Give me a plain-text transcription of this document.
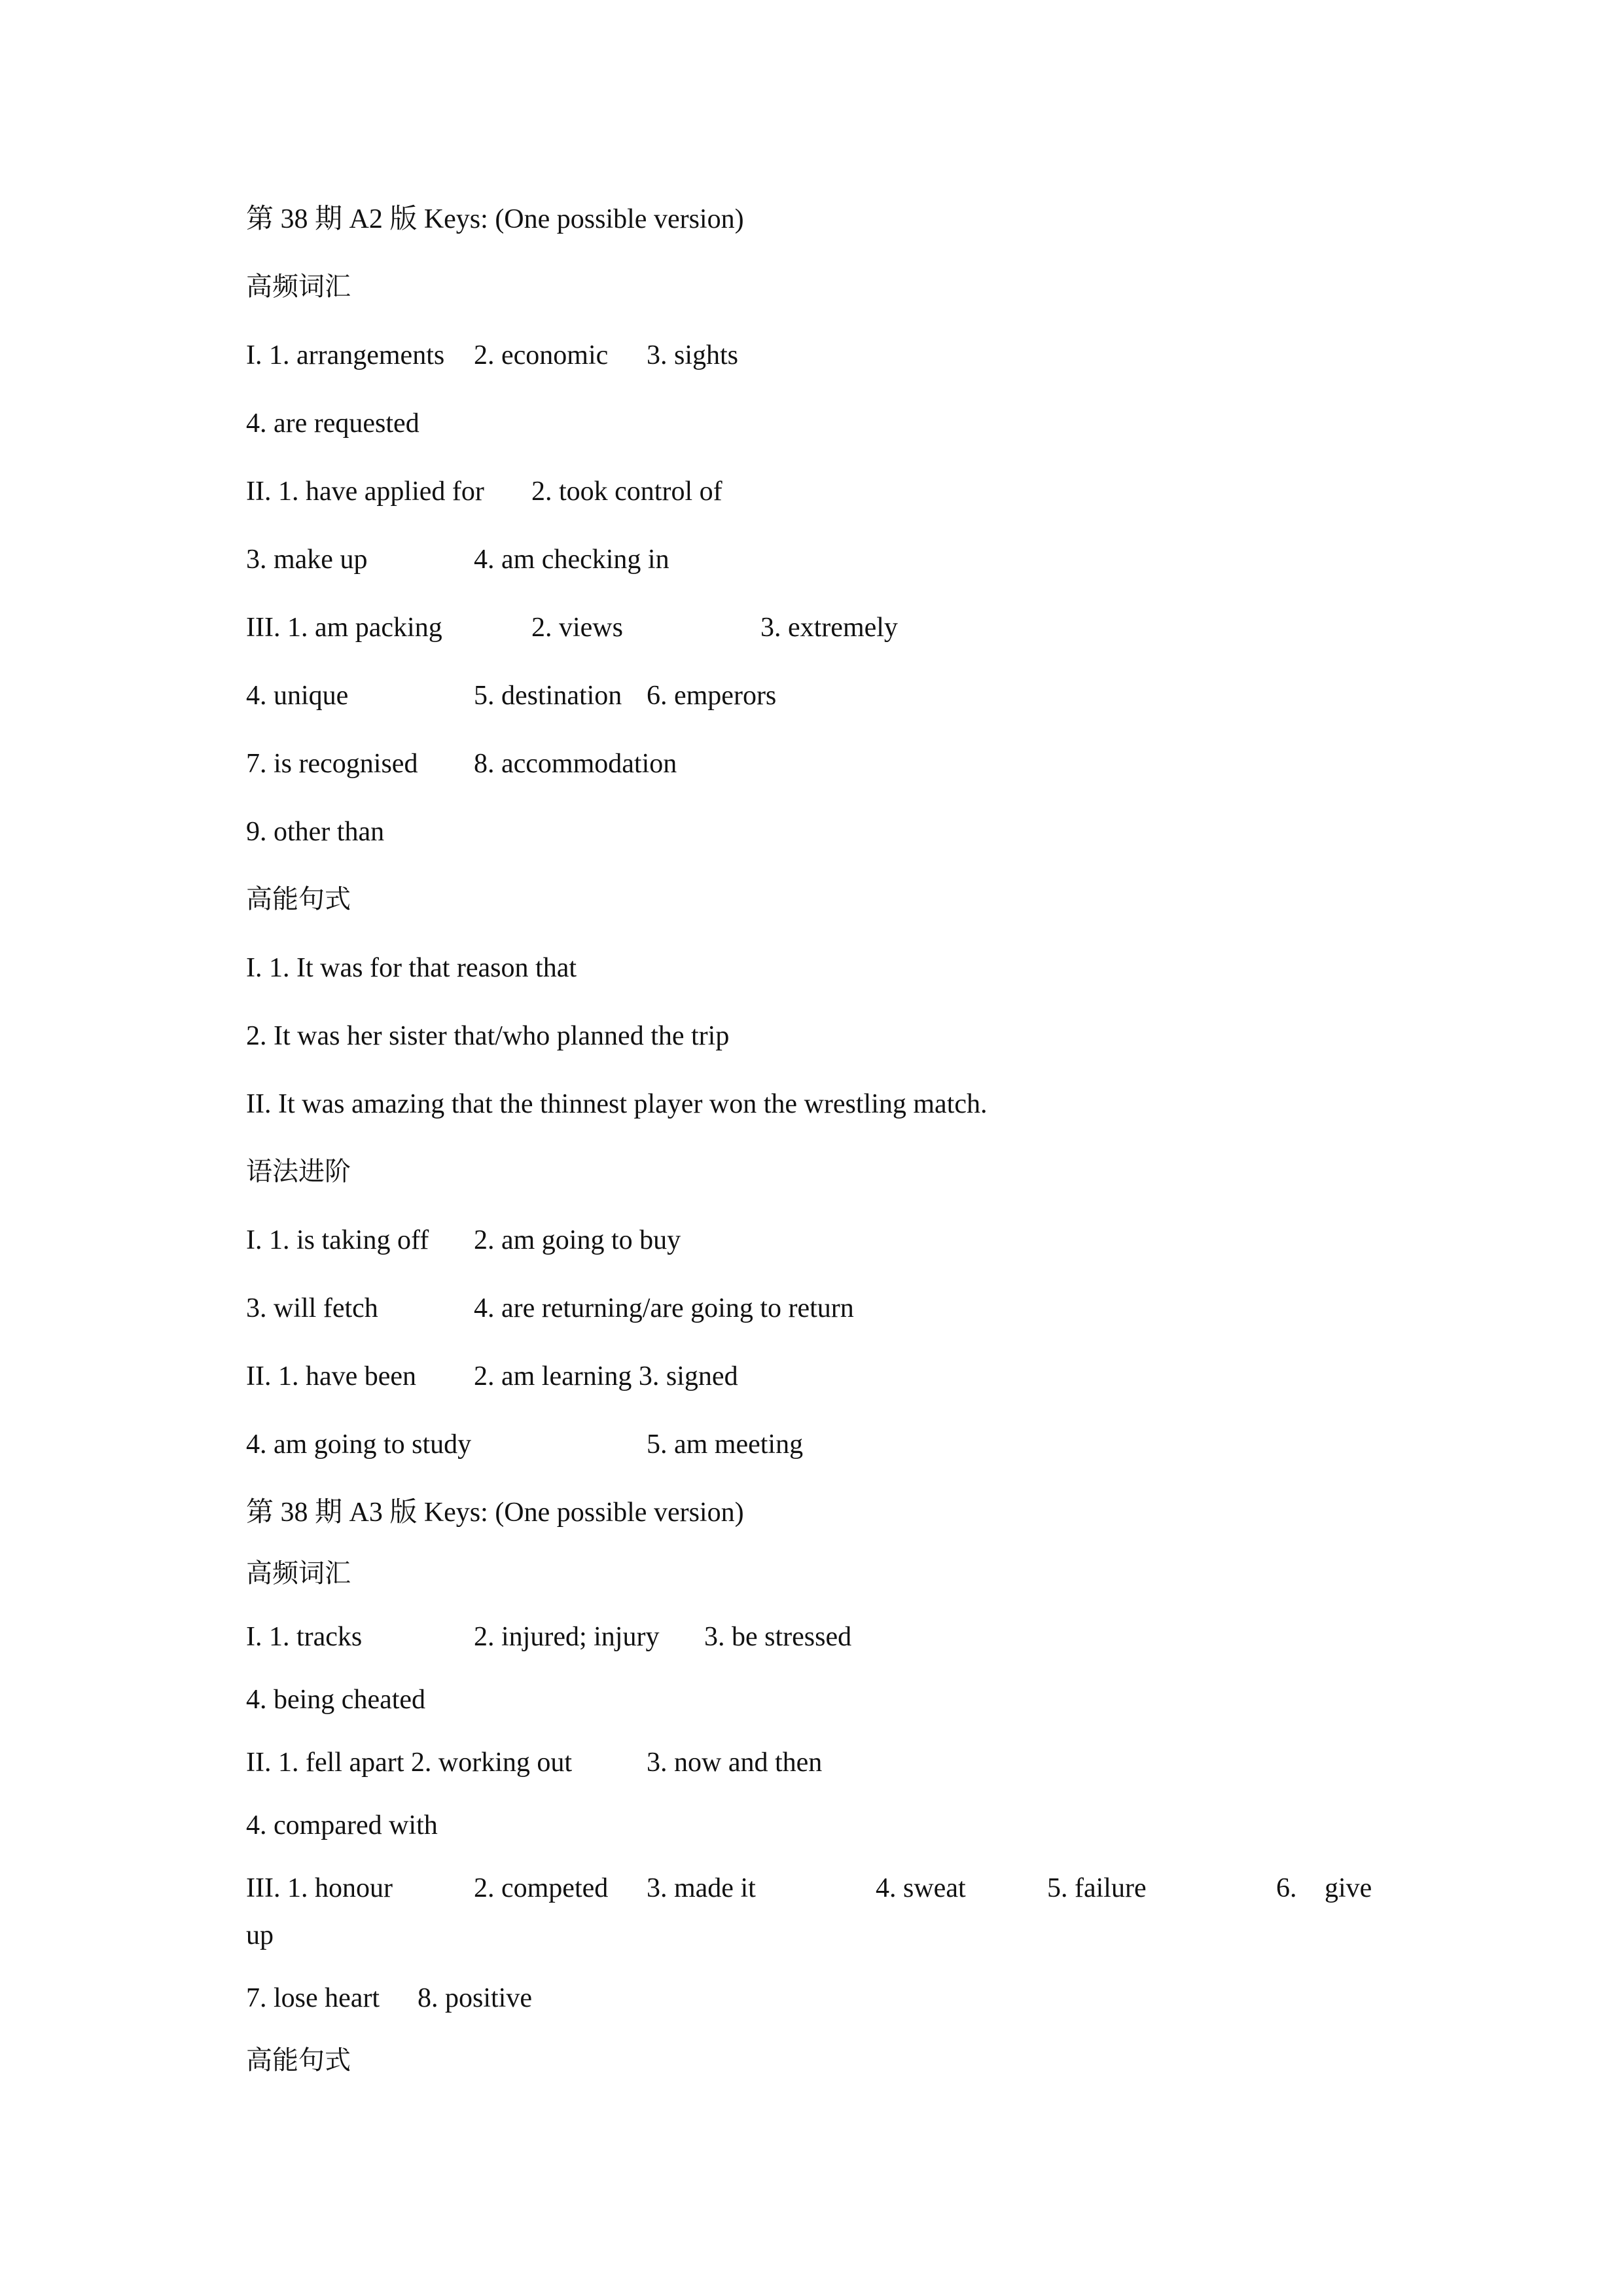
第 38 期 A2 版 Keys: (One possible version)
高频词汇
I. 1. arrangements 2. economic 3. sights
4. are requested
II. 1. have applied for 2. took control of
3. make up	4. am checking in
III. 1. am packing	2. views	3. extremely
4. unique	5. destination 6. emperors
7. is recognised 8. accommodation
9. other than
高能句式
I. 1. It was for that reason that
2. It was her sister that/who planned the trip
II. It was amazing that the thinnest player won the wrestling match.
语法进阶
I. 1. is taking off 2. am going to buy
3. will fetch	4. are returning/are going to return
II. 1. have been 2. am learning 3. signed
4. am going to study	5. am meeting
第 38 期 A3 版 Keys: (One possible version)
高频词汇
I. 1. tracks	2. injured; injury 3. be stressed
4. being cheated
II. 1. fell apart 2. working out	3. now and then
4. compared with
III. 1. honour	2. competed 3. made it	4. sweat	5. failure	6. give
up
7. lose heart 8. positive
高能句式
